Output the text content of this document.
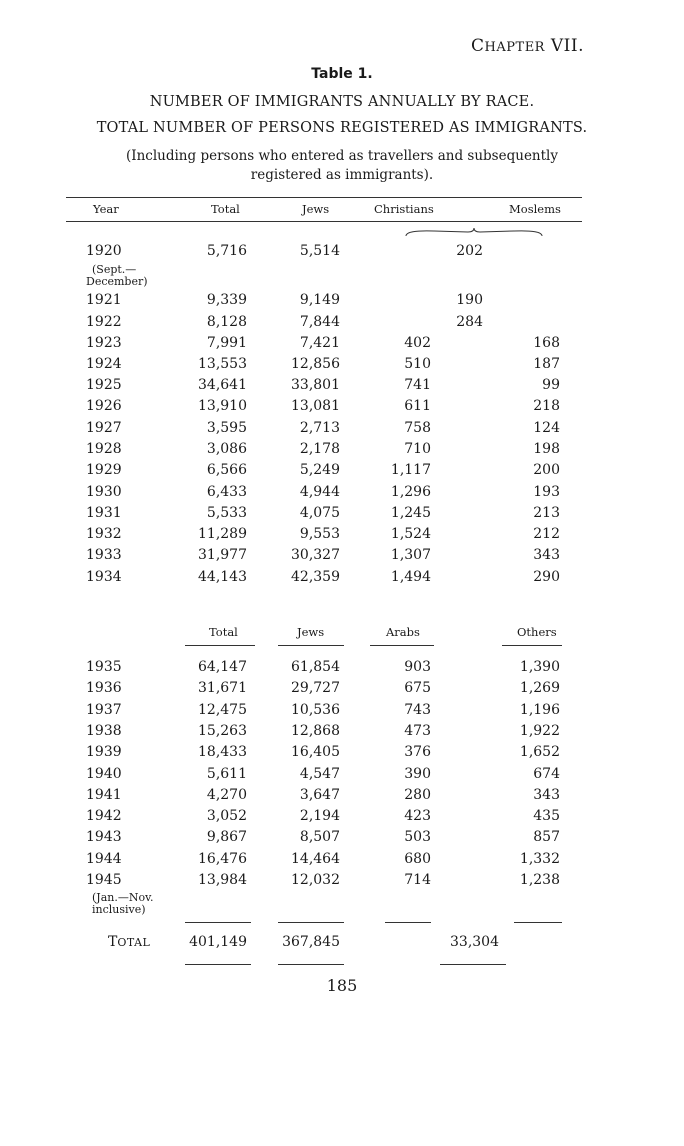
CHAPTER VII.
Table 1.
NUMBER OF IMMIGRANTS ANNUALLY BY RACE.
TOTAL NUMBER OF PERSONS REGISTERED AS IMMIGRANTS.
(Including persons who entered as travellers and subsequently
registered as immigrants).
Year	Total	Jews	Christians	Moslems
1920	5,716	5,514	202
1921	9,339	9,149	190
1922	8,128	7,844	284
1923	7,991	7,421	402	168
1924	13,553	12,856	510	187
1925	34,641	33,801	741	99
1926	13,910	13,081	611	218
1927	3,595	2,713	758	124
1928	3,086	2,178	710	198
1929	6,566	5,249	1,117	200
1930	6,433	4,944	1,296	193
1931	5,533	4,075	1,245	213
1932	11,289	9,553	1,524	212
1933	31,977	30,327	1,307	343
1934	44,143	42,359	1,494	290
(Sept.—
December)
Total	Jews	Arabs	Others
1935	64,147	61,854	903	1,390
1936	31,671	29,727	675	1,269
1937	12,475	10,536	743	1,196
1938	15,263	12,868	473	1,922
1939	18,433	16,405	376	1,652
1940	5,611	4,547	390	674
1941	4,270	3,647	280	343
1942	3,052	2,194	423	435
1943	9,867	8,507	503	857
1944	16,476	14,464	680	1,332
1945	13,984	12,032	714	1,238
(Jan.—Nov.
inclusive)
TOTAL	401,149	367,845	33,304
185
